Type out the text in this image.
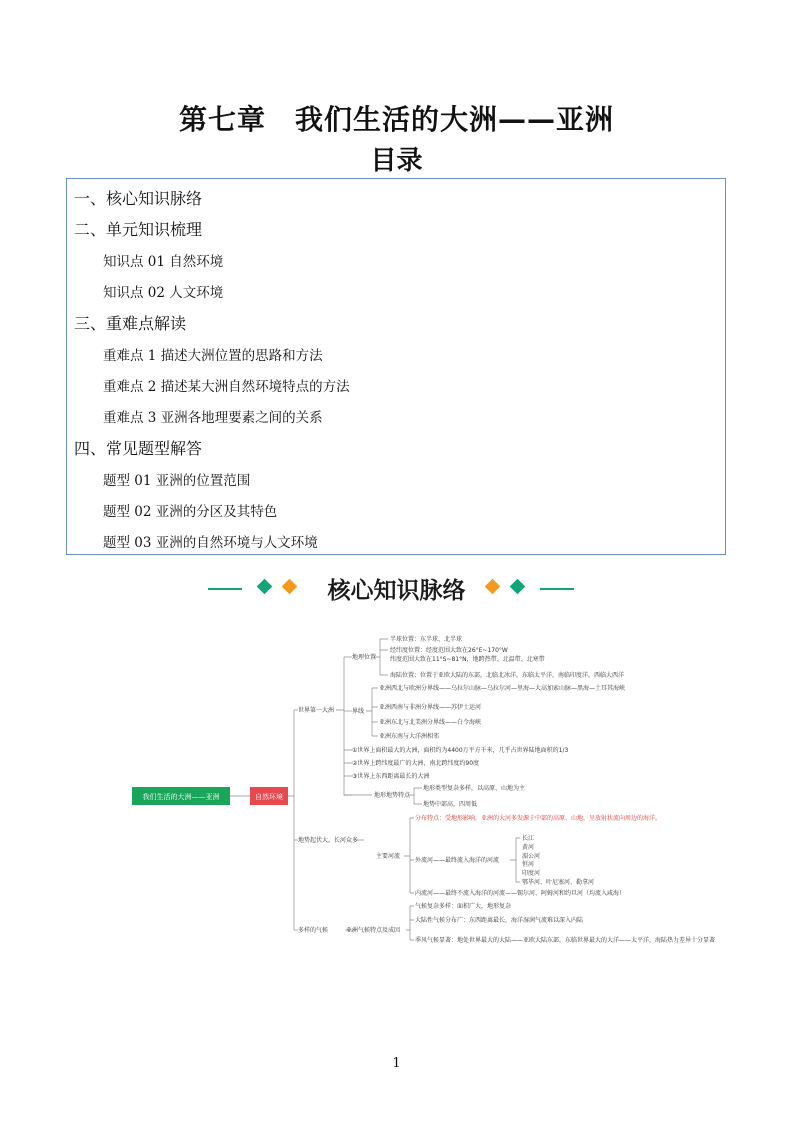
第七章　我们生活的大洲——亚洲
目录
一、核心知识脉络
二、单元知识梳理
知识点 01 自然环境
知识点 02 人文环境
三、重难点解读
重难点 1 描述大洲位置的思路和方法
重难点 2 描述某大洲自然环境特点的方法
重难点 3 亚洲各地理要素之间的关系
四、常见题型解答
题型 01 亚洲的位置范围
题型 02 亚洲的分区及其特色
题型 03 亚洲的自然环境与人文环境
核心知识脉络
我们生活的大洲——亚洲	自然环境
世界第一大洲
地理位置
半球位置：东半球、北半球
经纬度位置：经度范围大致在26°E~170°W
纬度范围大致在11°S~81°N，地跨热带、北温带、北寒带
海陆位置：位置于亚欧大陆的东部，北临北冰洋，东临太平洋，南临印度洋，西临大西洋
界线
亚洲西北与欧洲分界线——乌拉尔山脉—乌拉尔河—里海—大高加索山脉—黑海—土耳其海峡
亚洲西南与非洲分界线——苏伊士运河
亚洲东北与北美洲分界线——白令海峡
亚洲东南与大洋洲相邻
①世界上面积最大的大洲，面积约为4400万平方千米，几乎占世界陆地面积的1/3
②世界上跨纬度最广的大洲，南北跨纬度约90度
③世界上东西距离最长的大洲
地形地势特点
地形类型复杂多样，以高原、山地为主
地势中部高，四周低
地势起伏大，长河众多
主要河流
分布特点：受地形影响，亚洲的大河多发源于中部的高原、山地，呈放射状流向周边的海洋。
外流河——最终流入海洋的河流
长江
黄河
湄公河
恒河
印度河
鄂毕河、叶尼塞河、勒拿河
内流河——最终不流入海洋的河流——锡尔河、阿姆河和约旦河（均流入咸海）
多样的气候	亚洲气候特点及成因
气候复杂多样：面积广大，地形复杂
大陆性气候分布广：东西距离最长，海洋湿润气流难以深入内陆
季风气候显著：地处世界最大的大陆——亚欧大陆东部，东临世界最大的大洋——太平洋，海陆热力差异十分显著
1
